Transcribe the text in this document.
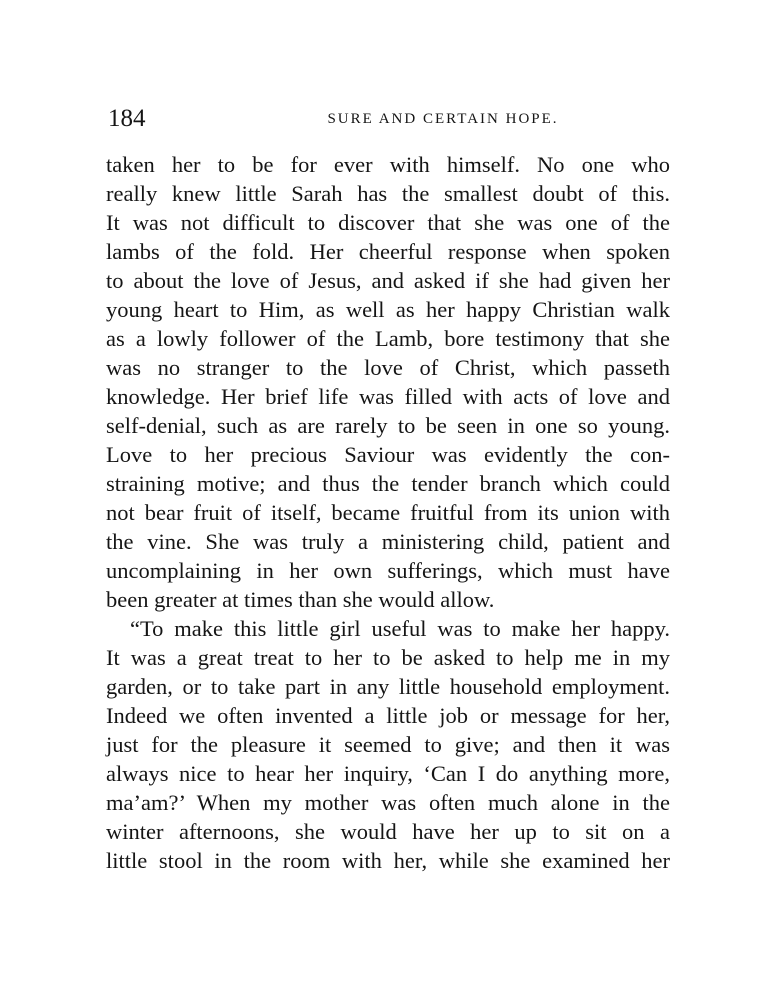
184	SURE AND CERTAIN HOPE.
taken her to be for ever with himself. No one who
really knew little Sarah has the smallest doubt of this.
It was not difficult to discover that she was one of the
lambs of the fold. Her cheerful response when spoken
to about the love of Jesus, and asked if she had given her
young heart to Him, as well as her happy Christian walk
as a lowly follower of the Lamb, bore testimony that she
was no stranger to the love of Christ, which passeth
knowledge. Her brief life was filled with acts of love and
self-denial, such as are rarely to be seen in one so young.
Love to her precious Saviour was evidently the con-
straining motive; and thus the tender branch which could
not bear fruit of itself, became fruitful from its union with
the vine. She was truly a ministering child, patient and
uncomplaining in her own sufferings, which must have
been greater at times than she would allow.
“To make this little girl useful was to make her happy.
It was a great treat to her to be asked to help me in my
garden, or to take part in any little household employment.
Indeed we often invented a little job or message for her,
just for the pleasure it seemed to give; and then it was
always nice to hear her inquiry, ‘Can I do anything more,
ma’am?’ When my mother was often much alone in the
winter afternoons, she would have her up to sit on a
little stool in the room with her, while she examined her
